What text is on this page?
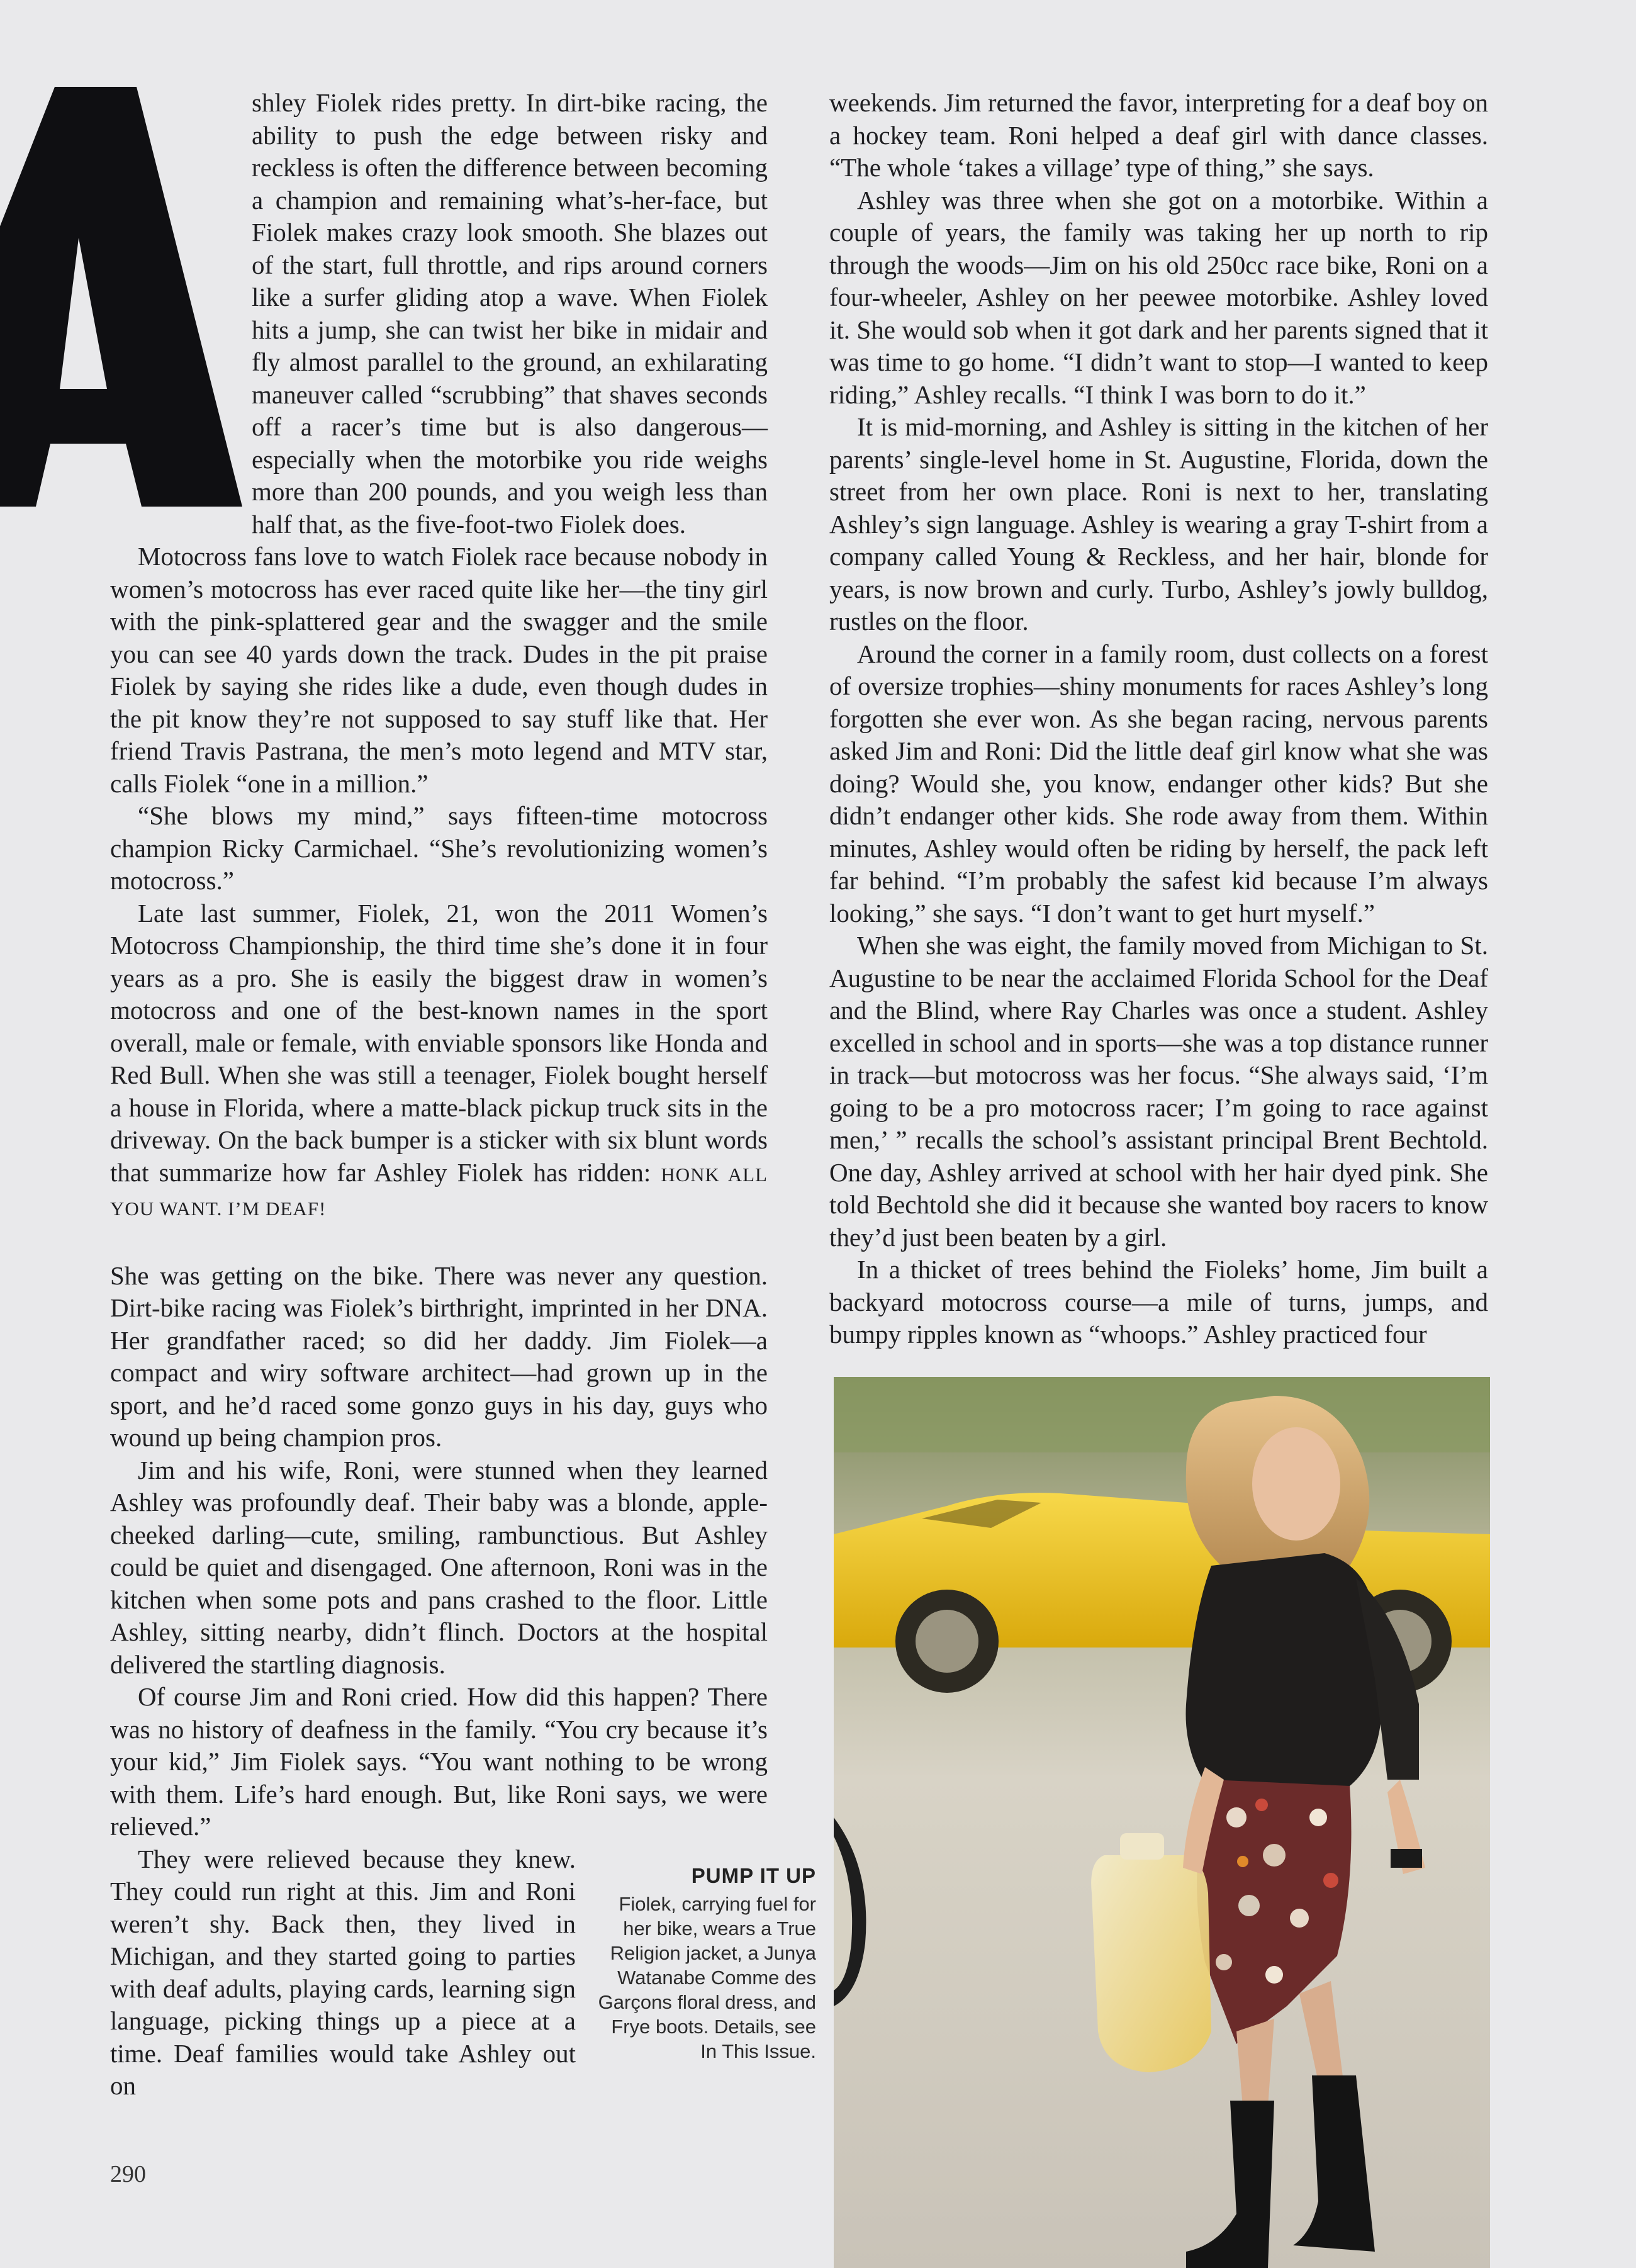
shley Fiolek rides pretty. In dirt-bike racing, the ability to push the edge between risky and reckless is often the difference between becoming a champion and remaining what’s-her-face, but Fiolek makes crazy look smooth. She blazes out of the start, full throttle, and rips around corners like a surfer gliding atop a wave. When Fiolek hits a jump, she can twist her bike in midair and fly almost parallel to the ground, an exhilarating maneuver called “scrubbing” that shaves seconds off a racer’s time but is also dangerous—especially when the motorbike you ride weighs more than 200 pounds, and you weigh less than half that, as the five-foot-two Fiolek does.

Motocross fans love to watch Fiolek race because nobody in women’s motocross has ever raced quite like her—the tiny girl with the pink-splattered gear and the swagger and the smile you can see 40 yards down the track. Dudes in the pit praise Fiolek by saying she rides like a dude, even though dudes in the pit know they’re not supposed to say stuff like that. Her friend Travis Pastrana, the men’s moto legend and MTV star, calls Fiolek “one in a million.”

“She blows my mind,” says fifteen-time motocross champion Ricky Carmichael. “She’s revolutionizing women’s motocross.”

Late last summer, Fiolek, 21, won the 2011 Women’s Motocross Championship, the third time she’s done it in four years as a pro. She is easily the biggest draw in women’s motocross and one of the best-known names in the sport overall, male or female, with enviable sponsors like Honda and Red Bull. When she was still a teenager, Fiolek bought herself a house in Florida, where a matte-black pickup truck sits in the driveway. On the back bumper is a sticker with six blunt words that summarize how far Ashley Fiolek has ridden: HONK ALL YOU WANT. I’M DEAF!

She was getting on the bike. There was never any question. Dirt-bike racing was Fiolek’s birthright, imprinted in her DNA. Her grandfather raced; so did her daddy. Jim Fiolek—a compact and wiry software architect—had grown up in the sport, and he’d raced some gonzo guys in his day, guys who wound up being champion pros.

Jim and his wife, Roni, were stunned when they learned Ashley was profoundly deaf. Their baby was a blonde, apple-cheeked darling—cute, smiling, rambunctious. But Ashley could be quiet and disengaged. One afternoon, Roni was in the kitchen when some pots and pans crashed to the floor. Little Ashley, sitting nearby, didn’t flinch. Doctors at the hospital delivered the startling diagnosis.

Of course Jim and Roni cried. How did this happen? There was no history of deafness in the family. “You cry because it’s your kid,” Jim Fiolek says. “You want nothing to be wrong with them. Life’s hard enough. But, like Roni says, we were relieved.”

They were relieved because they knew. They could run right at this. Jim and Roni weren’t shy. Back then, they lived in Michigan, and they started going to parties with deaf adults, playing cards, learning sign language, picking things up a piece at a time. Deaf families would take Ashley out on

weekends. Jim returned the favor, interpreting for a deaf boy on a hockey team. Roni helped a deaf girl with dance classes. “The whole ‘takes a village’ type of thing,” she says.

Ashley was three when she got on a motorbike. Within a couple of years, the family was taking her up north to rip through the woods—Jim on his old 250cc race bike, Roni on a four-wheeler, Ashley on her peewee motorbike. Ashley loved it. She would sob when it got dark and her parents signed that it was time to go home. “I didn’t want to stop—I wanted to keep riding,” Ashley recalls. “I think I was born to do it.”

It is mid-morning, and Ashley is sitting in the kitchen of her parents’ single-level home in St. Augustine, Florida, down the street from her own place. Roni is next to her, translating Ashley’s sign language. Ashley is wearing a gray T-shirt from a company called Young & Reckless, and her hair, blonde for years, is now brown and curly. Turbo, Ashley’s jowly bulldog, rustles on the floor.

Around the corner in a family room, dust collects on a forest of oversize trophies—shiny monuments for races Ashley’s long forgotten she ever won. As she began racing, nervous parents asked Jim and Roni: Did the little deaf girl know what she was doing? Would she, you know, endanger other kids? But she didn’t endanger other kids. She rode away from them. Within minutes, Ashley would often be riding by herself, the pack left far behind. “I’m probably the safest kid because I’m always looking,” she says. “I don’t want to get hurt myself.”

When she was eight, the family moved from Michigan to St. Augustine to be near the acclaimed Florida School for the Deaf and the Blind, where Ray Charles was once a student. Ashley excelled in school and in sports—she was a top distance runner in track—but motocross was her focus. “She always said, ‘I’m going to be a pro motocross racer; I’m going to race against men,’ ” recalls the school’s assistant principal Brent Bechtold. One day, Ashley arrived at school with her hair dyed pink. She told Bechtold she did it because she wanted boy racers to know they’d just been beaten by a girl.

In a thicket of trees behind the Fioleks’ home, Jim built a backyard motocross course—a mile of turns, jumps, and bumpy ripples known as “whoops.” Ashley practiced four

PUMP IT UP
Fiolek, carrying fuel for her bike, wears a True Religion jacket, a Junya Watanabe Comme des Garçons floral dress, and Frye boots. Details, see In This Issue.
290
